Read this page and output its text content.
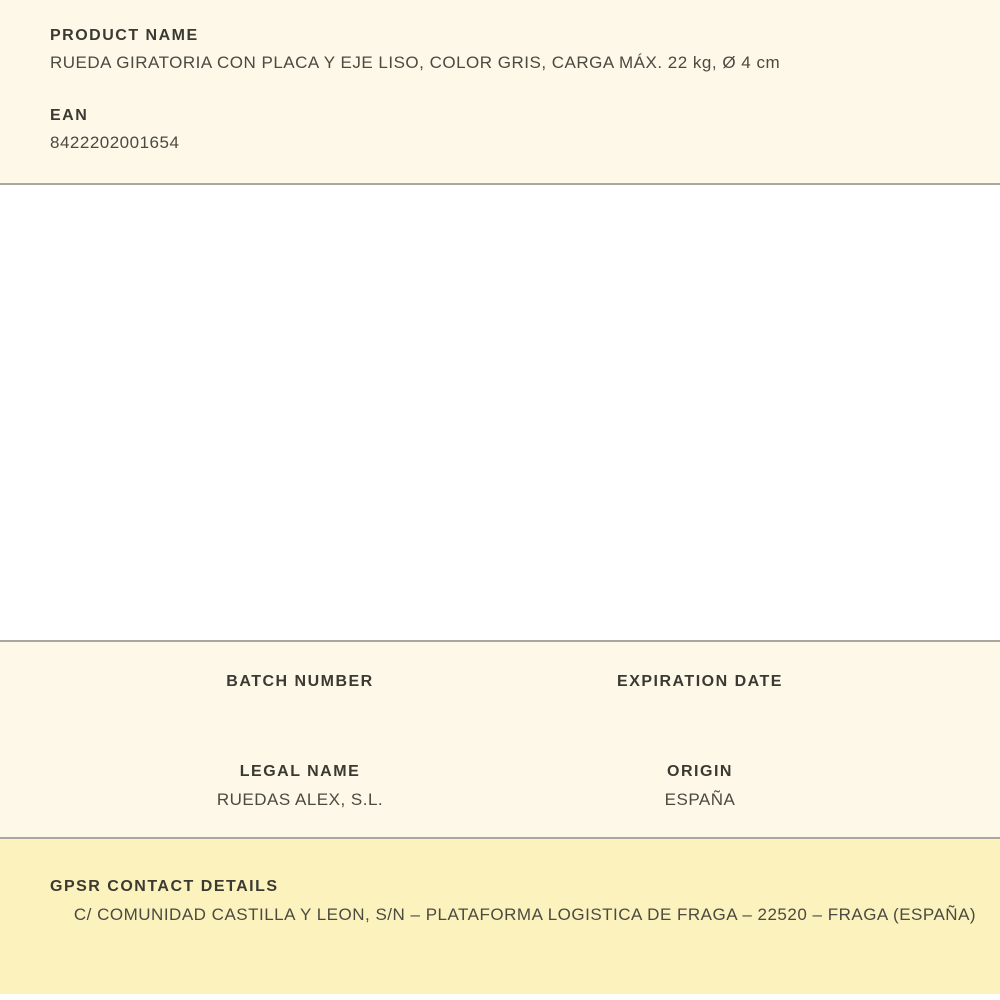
PRODUCT NAME
RUEDA GIRATORIA CON PLACA Y EJE LISO, COLOR GRIS, CARGA MÁX. 22 kg, Ø 4 cm
EAN
8422202001654
BATCH NUMBER	EXPIRATION DATE
LEGAL NAME
RUEDAS ALEX, S.L.
ORIGIN
ESPAÑA
GPSR CONTACT DETAILS
C/ COMUNIDAD CASTILLA Y LEON, S/N – PLATAFORMA LOGISTICA DE FRAGA – 22520 – FRAGA (ESPAÑA)
